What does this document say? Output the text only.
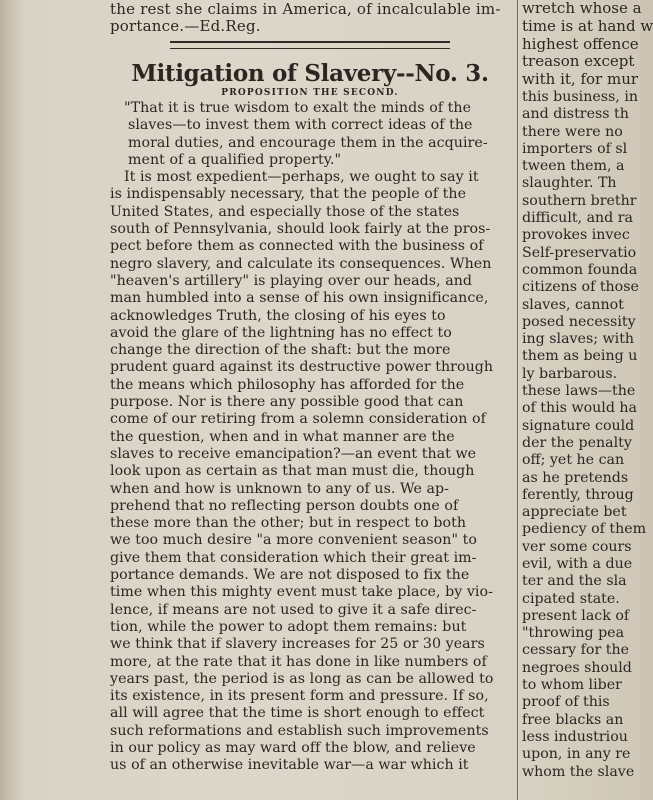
the rest she claims in America, of incalculable im-
portance.—Ed.Reg.
Mitigation of Slavery--No. 3.
PROPOSITION THE SECOND.
"That it is true wisdom to exalt the minds of the
slaves—to invest them with correct ideas of the
moral duties, and encourage them in the acquire-
ment of a qualified property."
It is most expedient—perhaps, we ought to say it
is indispensably necessary, that the people of the
United States, and especially those of the states
south of Pennsylvania, should look fairly at the pros-
pect before them as connected with the business of
negro slavery, and calculate its consequences. When
"heaven's artillery" is playing over our heads, and
man humbled into a sense of his own insignificance,
acknowledges Truth, the closing of his eyes to
avoid the glare of the lightning has no effect to
change the direction of the shaft: but the more
prudent guard against its destructive power through
the means which philosophy has afforded for the
purpose. Nor is there any possible good that can
come of our retiring from a solemn consideration of
the question, when and in what manner are the
slaves to receive emancipation?—an event that we
look upon as certain as that man must die, though
when and how is unknown to any of us. We ap-
prehend that no reflecting person doubts one of
these more than the other; but in respect to both
we too much desire "a more convenient season" to
give them that consideration which their great im-
portance demands. We are not disposed to fix the
time when this mighty event must take place, by vio-
lence, if means are not used to give it a safe direc-
tion, while the power to adopt them remains: but
we think that if slavery increases for 25 or 30 years
more, at the rate that it has done in like numbers of
years past, the period is as long as can be allowed to
its existence, in its present form and pressure. If so,
all will agree that the time is short enough to effect
such reformations and establish such improvements
in our policy as may ward off the blow, and relieve
us of an otherwise inevitable war—a war which it
wretch whose a
time is at hand w
highest offence
treason except
with it, for mur
this business, in
and distress th
there were no
importers of sl
tween them, a
slaughter. Th
southern brethr
difficult, and ra
provokes invec
Self-preservatio
common founda
citizens of those
slaves, cannot
posed necessity
ing slaves; with
them as being u
ly barbarous.
these laws—the
of this would ha
signature could
der the penalty
off; yet he can
as he pretends
ferently, throug
appreciate bet
pediency of them
ver some cours
evil, with a due
ter and the sla
cipated state.
present lack of
"throwing pea
cessary for the
negroes should
to whom liber
proof of this
free blacks an
less industriou
upon, in any re
whom the slave
